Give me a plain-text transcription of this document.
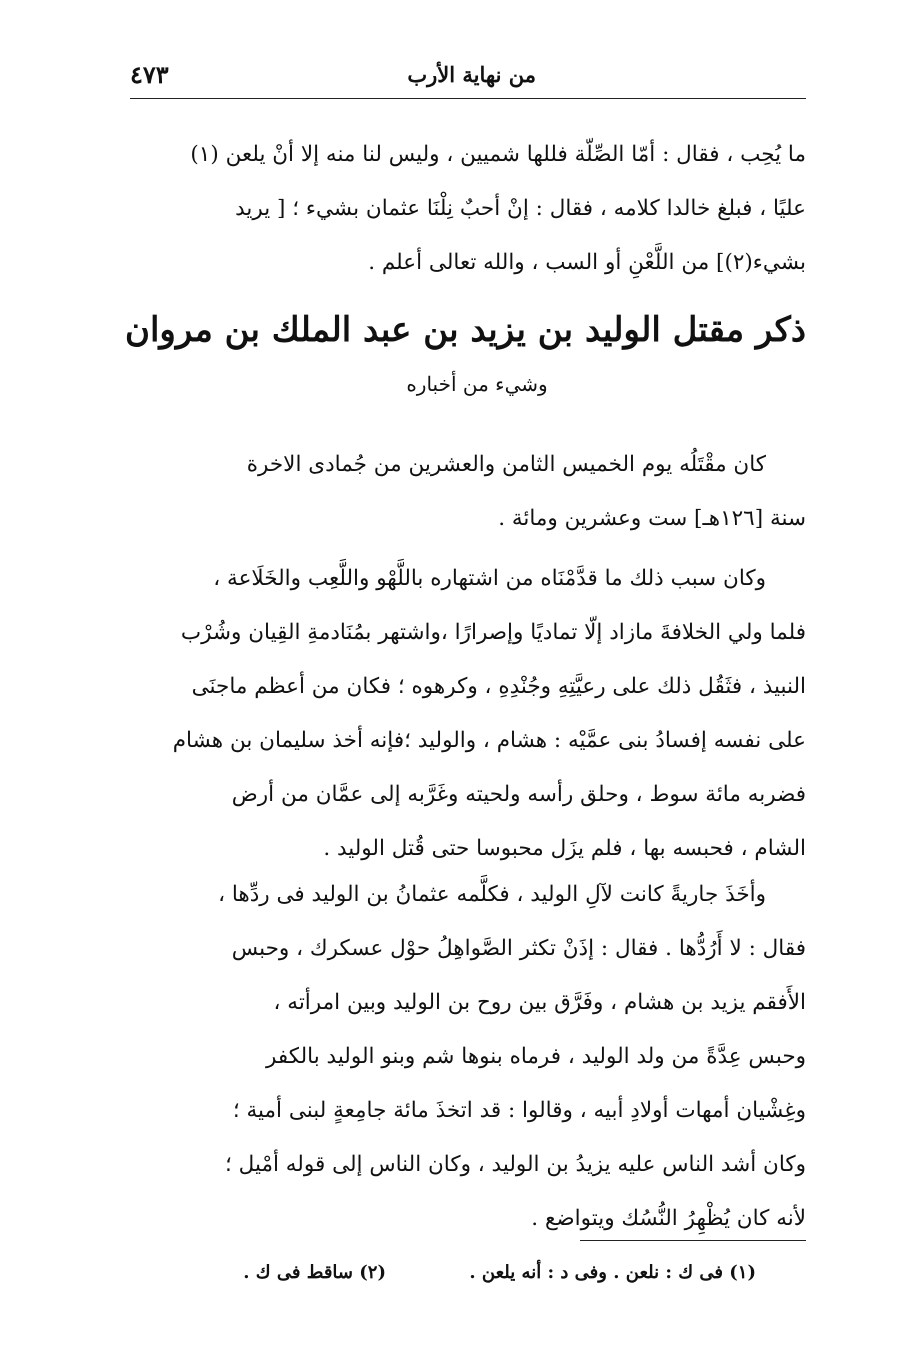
من نهاية الأرب
٤٧٣
ما يُحِب ، فقال : أمّا الصِّلّة فللها شميين ، وليس لنا منه إلا أنْ يلعن (١)
عليًا ، فبلغ خالدا كلامه ، فقال : إنْ أحبٌ نِلْنَا عثمان بشيء ؛ [ يريد
بشيء(٢)] من اللَّعْنِ أو السب ، والله تعالى أعلم .
ذكر مقتل الوليد بن يزيد بن عبد الملك بن مروان
وشيء من أخباره
كان مقْتَلُه يوم الخميس الثامن والعشرين من جُمادى الاخرة
سنة [١٢٦هـ] ست وعشرين ومائة .
وكان سبب ذلك ما قدَّمْنَاه من اشتهاره باللَّهْو واللَّعِب والخَلَاعة ،
فلما ولي الخلافةَ مازاد إلّا تماديًا وإصرارًا ،واشتهر بمُنَادمةِ القِيان وشُرْب
النبيذ ، فثَقُل ذلك على رعيَّتِهِ وجُنْدِهِ ، وكرهوه ؛ فكان من أعظم ماجنَى
على نفسه إفسادُ بنى عمَّيْه : هشام ، والوليد ؛فإنه أخذ سليمان بن هشام
فضربه مائة سوط ، وحلق رأسه ولحيته وغَرَّبه إلى عمَّان من أرض
الشام ، فحبسه بها ، فلم يزَل محبوسا حتى قُتل الوليد .
وأخَذَ جاريةً كانت لآلِ الوليد ، فكلَّمه عثمانُ بن الوليد فى ردِّها ،
فقال : لا أَرُدُّها . فقال : إذَنْ تكثر الصَّواهِلُ حوْل عسكرك ، وحبس
الأَفقم يزيد بن هشام ، وفَرَّق بين روح بن الوليد وبين امرأته ،
وحبس عِدَّةً من ولد الوليد ، فرماه بنوها شم وبنو الوليد بالكفر
وغِشْيان أمهات أولادِ أبيه ، وقالوا : قد اتخذَ مائة جامِعةٍ لبنى أمية ؛
وكان أشد الناس عليه يزيدُ بن الوليد ، وكان الناس إلى قوله أمْيل ؛
لأنه كان يُظْهِرُ النُّسُك ويتواضع .
(١) فى ك : نلعن . وفى د : أنه يلعن .
(٢) ساقط فى ك .
